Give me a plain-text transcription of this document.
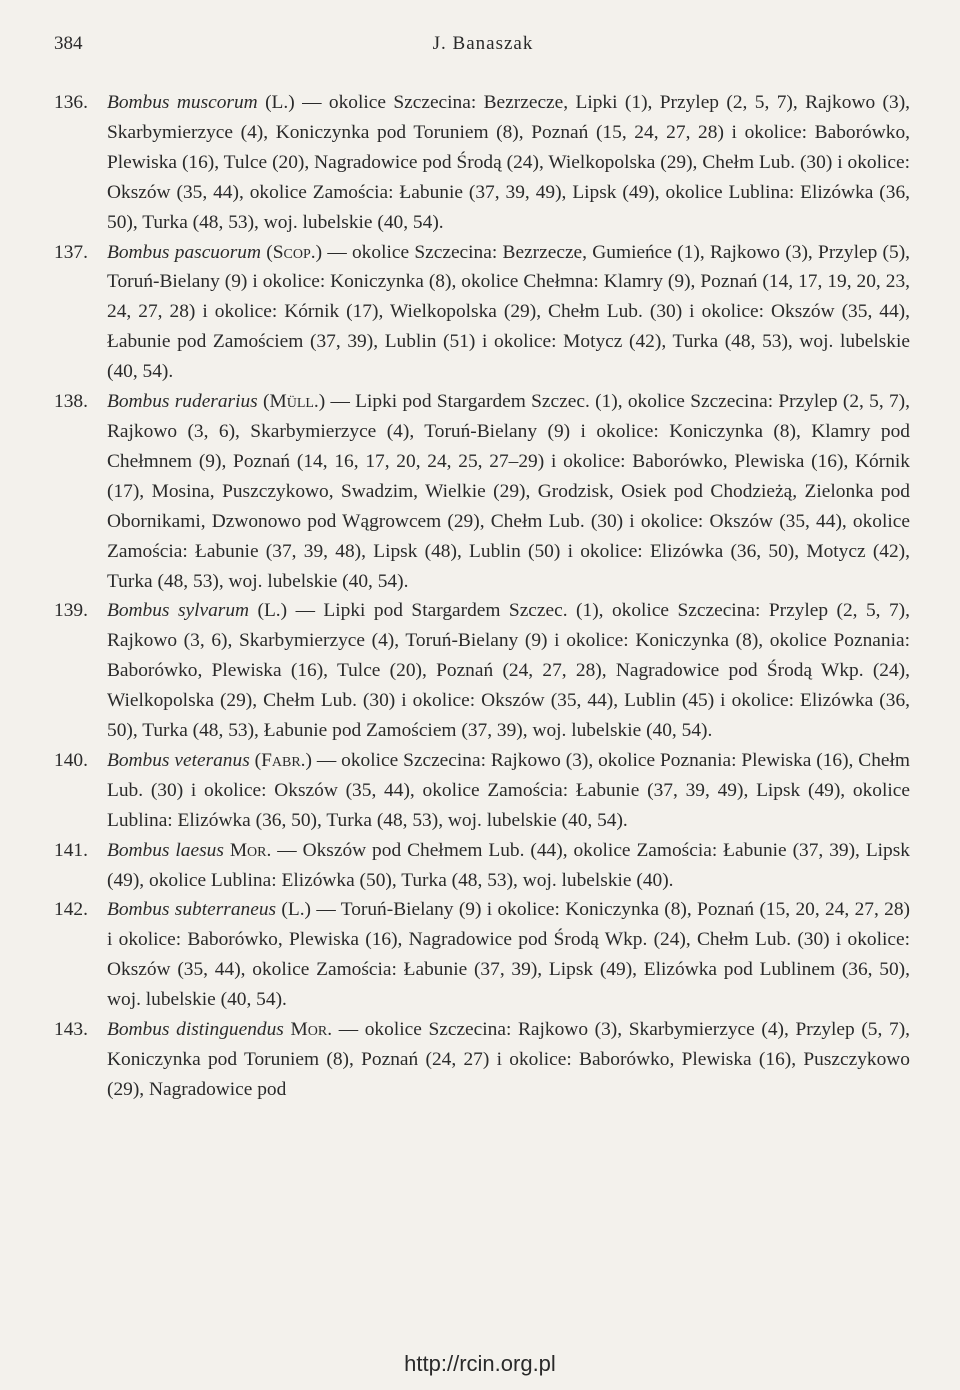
384	J. Banaszak

136. Bombus muscorum (L.) — okolice Szczecina: Bezrzecze, Lipki (1), Przylep (2, 5, 7), Rajkowo (3), Skarbymierzyce (4), Koniczynka pod Toruniem (8), Poznań (15, 24, 27, 28) i okolice: Baborówko, Plewiska (16), Tulce (20), Nagradowice pod Środą (24), Wielkopolska (29), Chełm Lub. (30) i okolice: Okszów (35, 44), okolice Zamościa: Łabunie (37, 39, 49), Lipsk (49), okolice Lublina: Elizówka (36, 50), Turka (48, 53), woj. lubelskie (40, 54).

137. Bombus pascuorum (Scop.) — okolice Szczecina: Bezrzecze, Gumieńce (1), Rajkowo (3), Przylep (5), Toruń-Bielany (9) i okolice: Koniczynka (8), okolice Chełmna: Klamry (9), Poznań (14, 17, 19, 20, 23, 24, 27, 28) i okolice: Kórnik (17), Wielkopolska (29), Chełm Lub. (30) i okolice: Okszów (35, 44), Łabunie pod Zamościem (37, 39), Lublin (51) i okolice: Motycz (42), Turka (48, 53), woj. lubelskie (40, 54).

138. Bombus ruderarius (Müll.) — Lipki pod Stargardem Szczec. (1), okolice Szczecina: Przylep (2, 5, 7), Rajkowo (3, 6), Skarbymierzyce (4), Toruń-Bielany (9) i okolice: Koniczynka (8), Klamry pod Chełmnem (9), Poznań (14, 16, 17, 20, 24, 25, 27–29) i okolice: Baborówko, Plewiska (16), Kórnik (17), Mosina, Puszczykowo, Swadzim, Wielkie (29), Grodzisk, Osiek pod Chodzieżą, Zielonka pod Obornikami, Dzwonowo pod Wągrowcem (29), Chełm Lub. (30) i okolice: Okszów (35, 44), okolice Zamościa: Łabunie (37, 39, 48), Lipsk (48), Lublin (50) i okolice: Elizówka (36, 50), Motycz (42), Turka (48, 53), woj. lubelskie (40, 54).

139. Bombus sylvarum (L.) — Lipki pod Stargardem Szczec. (1), okolice Szczecina: Przylep (2, 5, 7), Rajkowo (3, 6), Skarbymierzyce (4), Toruń-Bielany (9) i okolice: Koniczynka (8), okolice Poznania: Baborówko, Plewiska (16), Tulce (20), Poznań (24, 27, 28), Nagradowice pod Środą Wkp. (24), Wielkopolska (29), Chełm Lub. (30) i okolice: Okszów (35, 44), Lublin (45) i okolice: Elizówka (36, 50), Turka (48, 53), Łabunie pod Zamościem (37, 39), woj. lubelskie (40, 54).

140. Bombus veteranus (Fabr.) — okolice Szczecina: Rajkowo (3), okolice Poznania: Plewiska (16), Chełm Lub. (30) i okolice: Okszów (35, 44), okolice Zamościa: Łabunie (37, 39, 49), Lipsk (49), okolice Lublina: Elizówka (36, 50), Turka (48, 53), woj. lubelskie (40, 54).

141. Bombus laesus Mor. — Okszów pod Chełmem Lub. (44), okolice Zamościa: Łabunie (37, 39), Lipsk (49), okolice Lublina: Elizówka (50), Turka (48, 53), woj. lubelskie (40).

142. Bombus subterraneus (L.) — Toruń-Bielany (9) i okolice: Koniczynka (8), Poznań (15, 20, 24, 27, 28) i okolice: Baborówko, Plewiska (16), Nagradowice pod Środą Wkp. (24), Chełm Lub. (30) i okolice: Okszów (35, 44), okolice Zamościa: Łabunie (37, 39), Lipsk (49), Elizówka pod Lublinem (36, 50), woj. lubelskie (40, 54).

143. Bombus distinguendus Mor. — okolice Szczecina: Rajkowo (3), Skarbymierzyce (4), Przylep (5, 7), Koniczynka pod Toruniem (8), Poznań (24, 27) i okolice: Baborówko, Plewiska (16), Puszczykowo (29), Nagradowice pod

http://rcin.org.pl
